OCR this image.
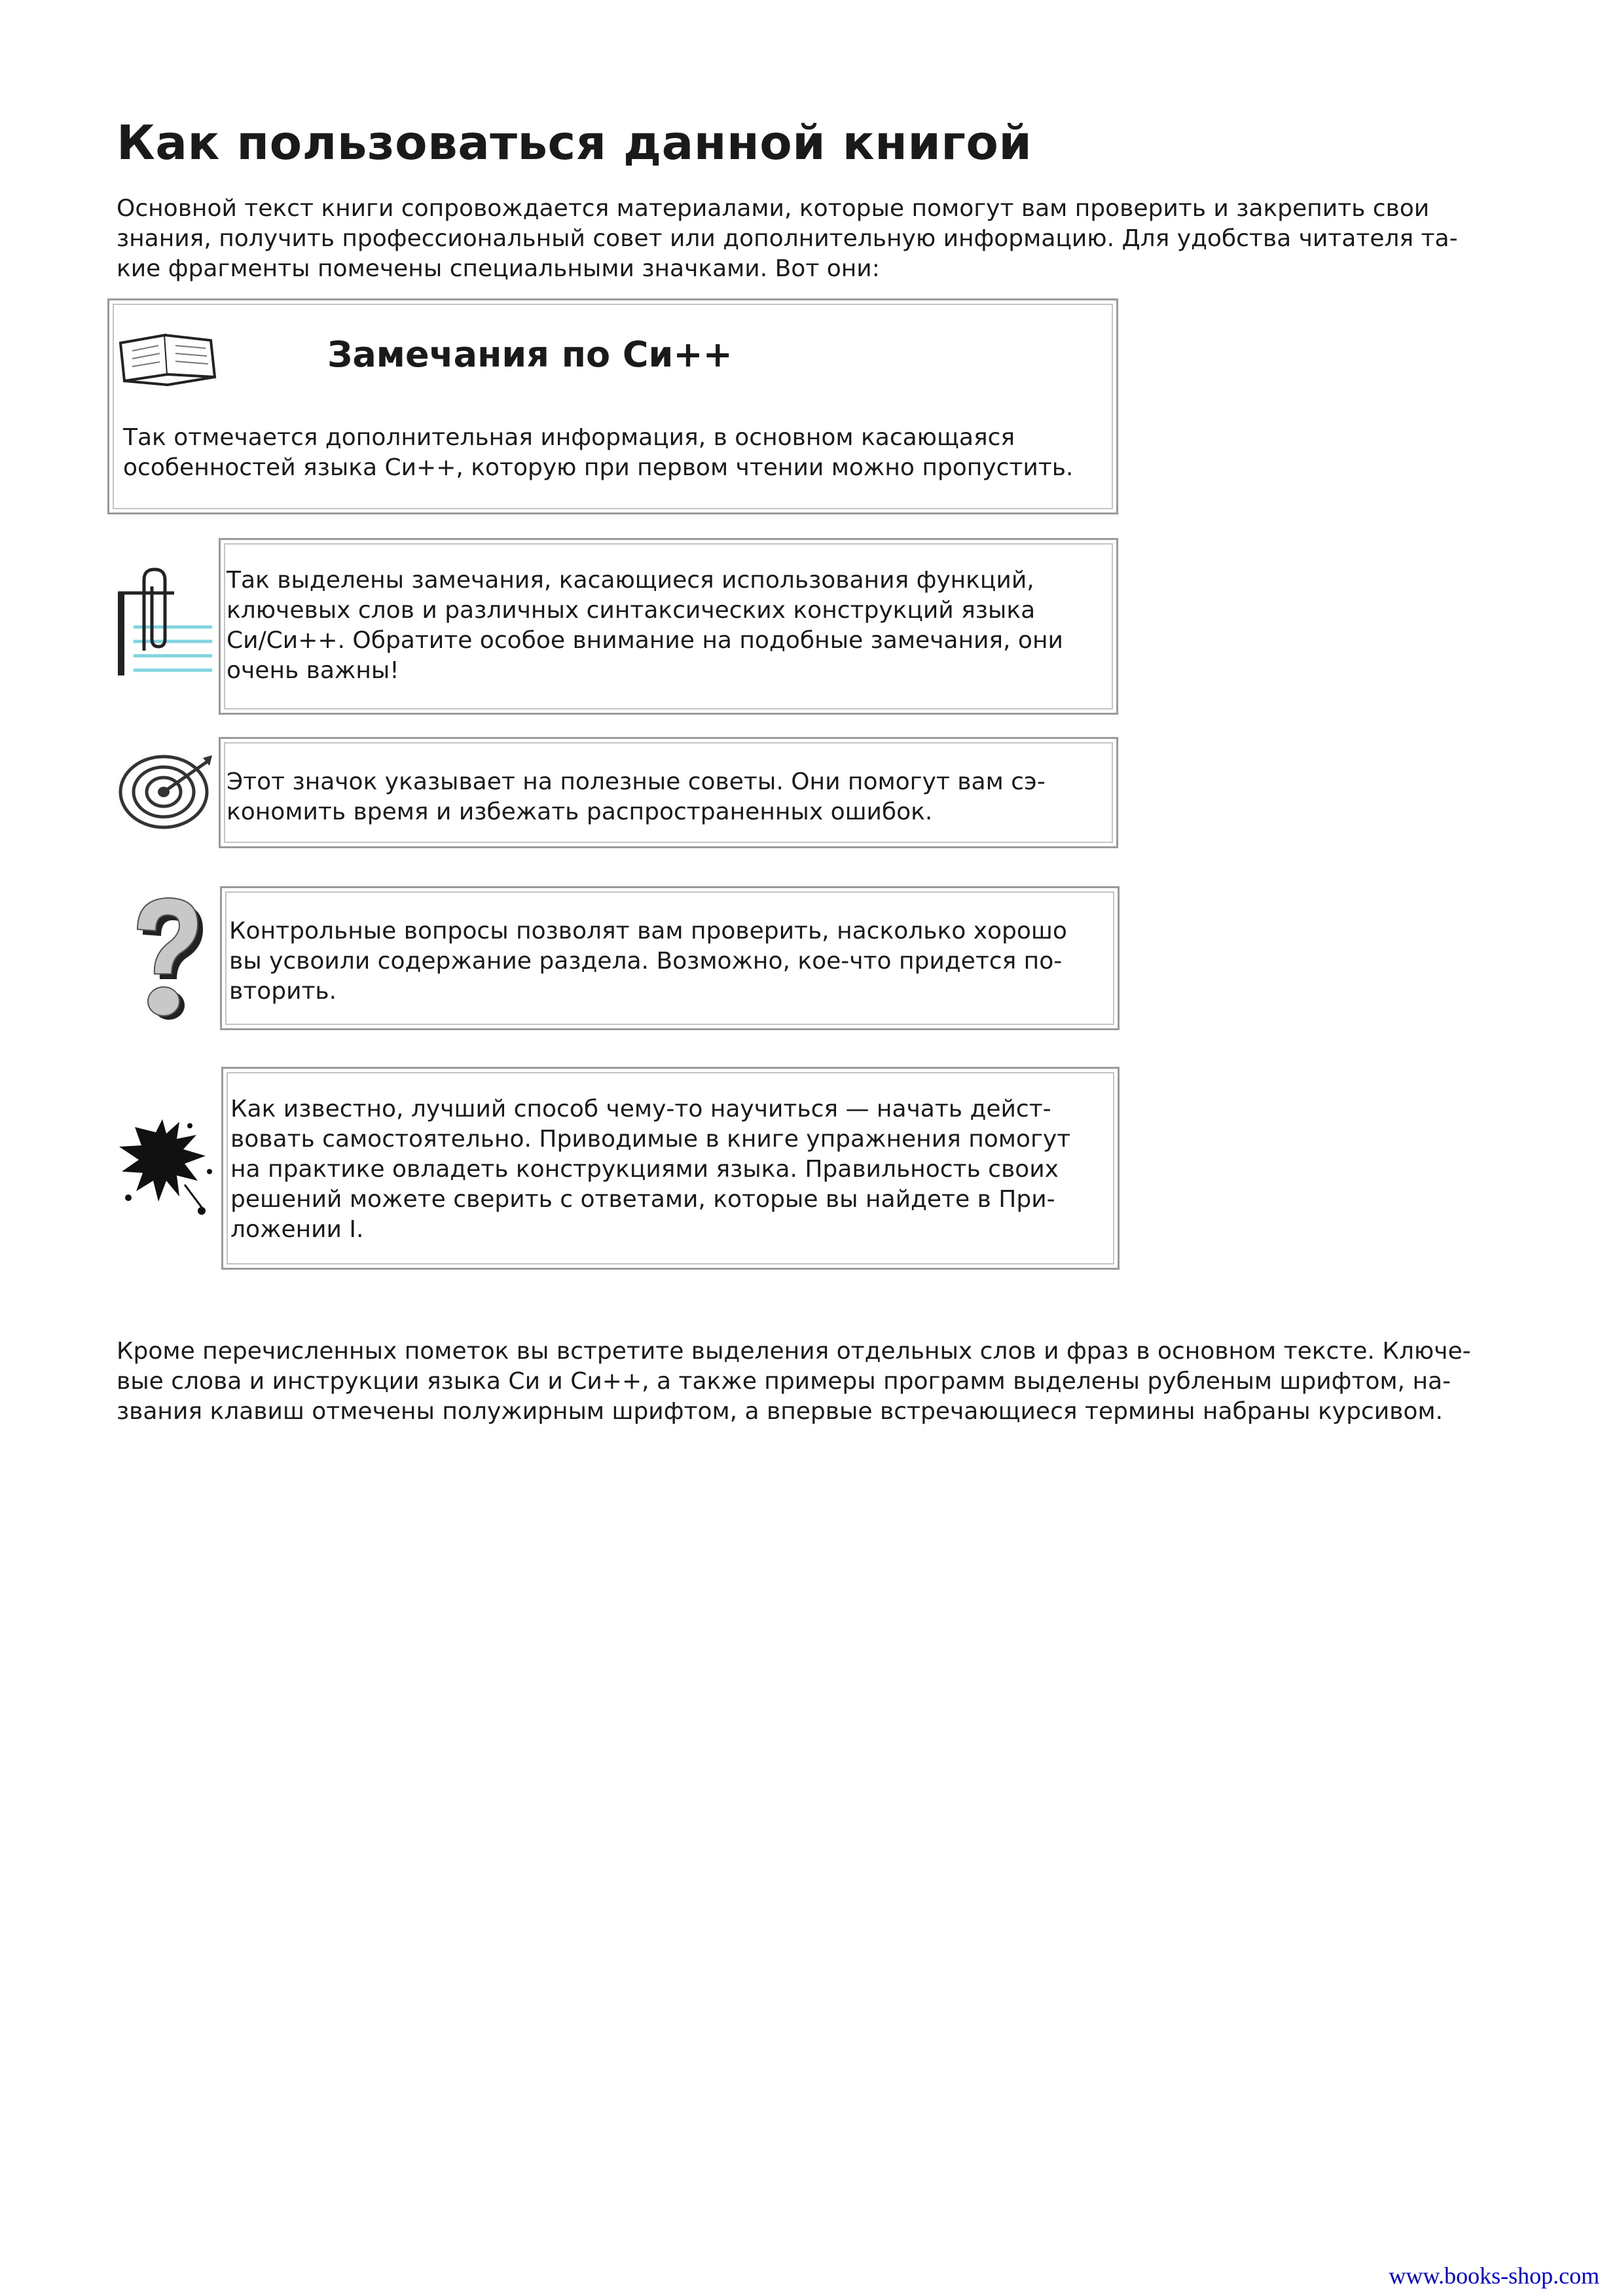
Как пользоваться данной книгой

Основной текст книги сопровождается материалами, которые помогут вам проверить и закрепить свои
знания, получить профессиональный совет или дополнительную информацию. Для удобства читателя та-
кие фрагменты помечены специальными значками. Вот они:

Замечания по Си++

Так отмечается дополнительная информация, в основном касающаяся
особенностей языка Си++, которую при первом чтении можно пропустить.

Так выделены замечания, касающиеся использования функций,
ключевых слов и различных синтаксических конструкций языка
Си/Си++. Обратите особое внимание на подобные замечания, они
очень важны!

Этот значок указывает на полезные советы. Они помогут вам сэ-
кономить время и избежать распространенных ошибок.

Контрольные вопросы позволят вам проверить, насколько хорошо
вы усвоили содержание раздела. Возможно, кое-что придется по-
вторить.

Как известно, лучший способ чему-то научиться — начать дейст-
вовать самостоятельно. Приводимые в книге упражнения помогут
на практике овладеть конструкциями языка. Правильность своих
решений можете сверить с ответами, которые вы найдете в При-
ложении I.

Кроме перечисленных пометок вы встретите выделения отдельных слов и фраз в основном тексте. Ключе-
вые слова и инструкции языка Си и Си++, а также примеры программ выделены рубленым шрифтом, на-
звания клавиш отмечены полужирным шрифтом, а впервые встречающиеся термины набраны курсивом.

www.books-shop.com
